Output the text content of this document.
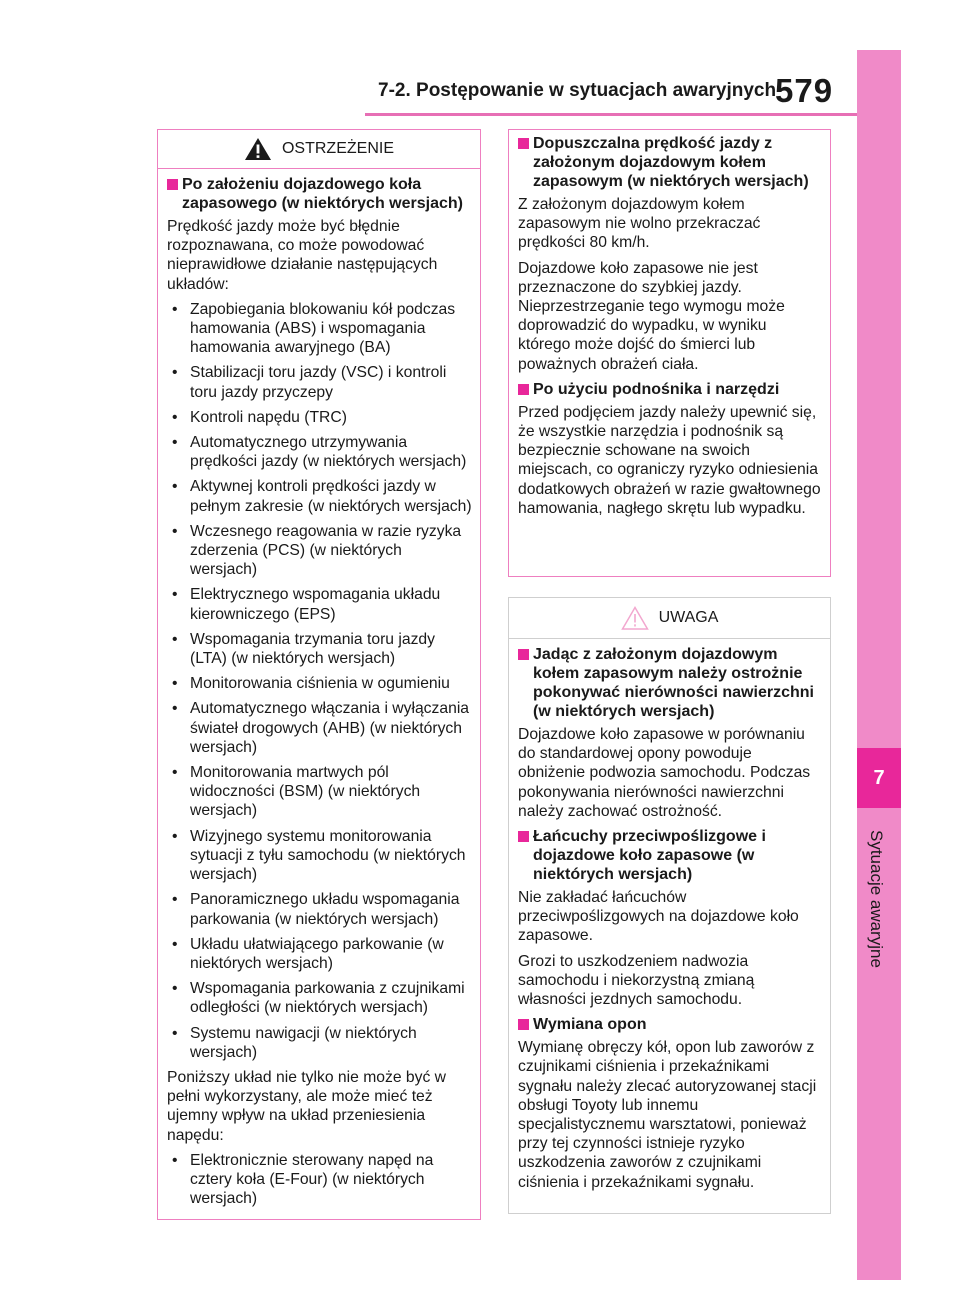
7-2. Postępowanie w sytuacjach awaryjnych
579
7
Sytuacje awaryjne
OSTRZEŻENIE
Po założeniu dojazdowego koła zapasowego (w niektórych wersjach)
Prędkość jazdy może być błędnie rozpoznawana, co może powodować nieprawidłowe działanie następujących układów:
• Zapobiegania blokowaniu kół podczas hamowania (ABS) i wspomagania hamowania awaryjnego (BA)
• Stabilizacji toru jazdy (VSC) i kontroli toru jazdy przyczepy
• Kontroli napędu (TRC)
• Automatycznego utrzymywania prędkości jazdy (w niektórych wersjach)
• Aktywnej kontroli prędkości jazdy w pełnym zakresie (w niektórych wersjach)
• Wczesnego reagowania w razie ryzyka zderzenia (PCS) (w niektórych wersjach)
• Elektrycznego wspomagania układu kierowniczego (EPS)
• Wspomagania trzymania toru jazdy (LTA) (w niektórych wersjach)
• Monitorowania ciśnienia w ogumieniu
• Automatycznego włączania i wyłączania świateł drogowych (AHB) (w niektórych wersjach)
• Monitorowania martwych pól widoczności (BSM) (w niektórych wersjach)
• Wizyjnego systemu monitorowania sytuacji z tyłu samochodu (w niektórych wersjach)
• Panoramicznego układu wspomagania parkowania (w niektórych wersjach)
• Układu ułatwiającego parkowanie (w niektórych wersjach)
• Wspomagania parkowania z czujnikami odległości (w niektórych wersjach)
• Systemu nawigacji (w niektórych wersjach)
Poniższy układ nie tylko nie może być w pełni wykorzystany, ale może mieć też ujemny wpływ na układ przeniesienia napędu:
• Elektronicznie sterowany napęd na cztery koła (E-Four) (w niektórych wersjach)
Dopuszczalna prędkość jazdy z założonym dojazdowym kołem zapasowym (w niektórych wersjach)
Z założonym dojazdowym kołem zapasowym nie wolno przekraczać prędkości 80 km/h.
Dojazdowe koło zapasowe nie jest przeznaczone do szybkiej jazdy. Nieprzestrzeganie tego wymogu może doprowadzić do wypadku, w wyniku którego może dojść do śmierci lub poważnych obrażeń ciała.
Po użyciu podnośnika i narzędzi
Przed podjęciem jazdy należy upewnić się, że wszystkie narzędzia i podnośnik są bezpiecznie schowane na swoich miejscach, co ograniczy ryzyko odniesienia dodatkowych obrażeń w razie gwałtownego hamowania, nagłego skrętu lub wypadku.
UWAGA
Jadąc z założonym dojazdowym kołem zapasowym należy ostrożnie pokonywać nierówności nawierzchni (w niektórych wersjach)
Dojazdowe koło zapasowe w porównaniu do standardowej opony powoduje obniżenie podwozia samochodu. Podczas pokonywania nierówności nawierzchni należy zachować ostrożność.
Łańcuchy przeciwpoślizgowe i dojazdowe koło zapasowe (w niektórych wersjach)
Nie zakładać łańcuchów przeciwpoślizgowych na dojazdowe koło zapasowe.
Grozi to uszkodzeniem nadwozia samochodu i niekorzystną zmianą własności jezdnych samochodu.
Wymiana opon
Wymianę obręczy kół, opon lub zaworów z czujnikami ciśnienia i przekaźnikami sygnału należy zlecać autoryzowanej stacji obsługi Toyoty lub innemu specjalistycznemu warsztatowi, ponieważ przy tej czynności istnieje ryzyko uszkodzenia zaworów z czujnikami ciśnienia i przekaźnikami sygnału.
